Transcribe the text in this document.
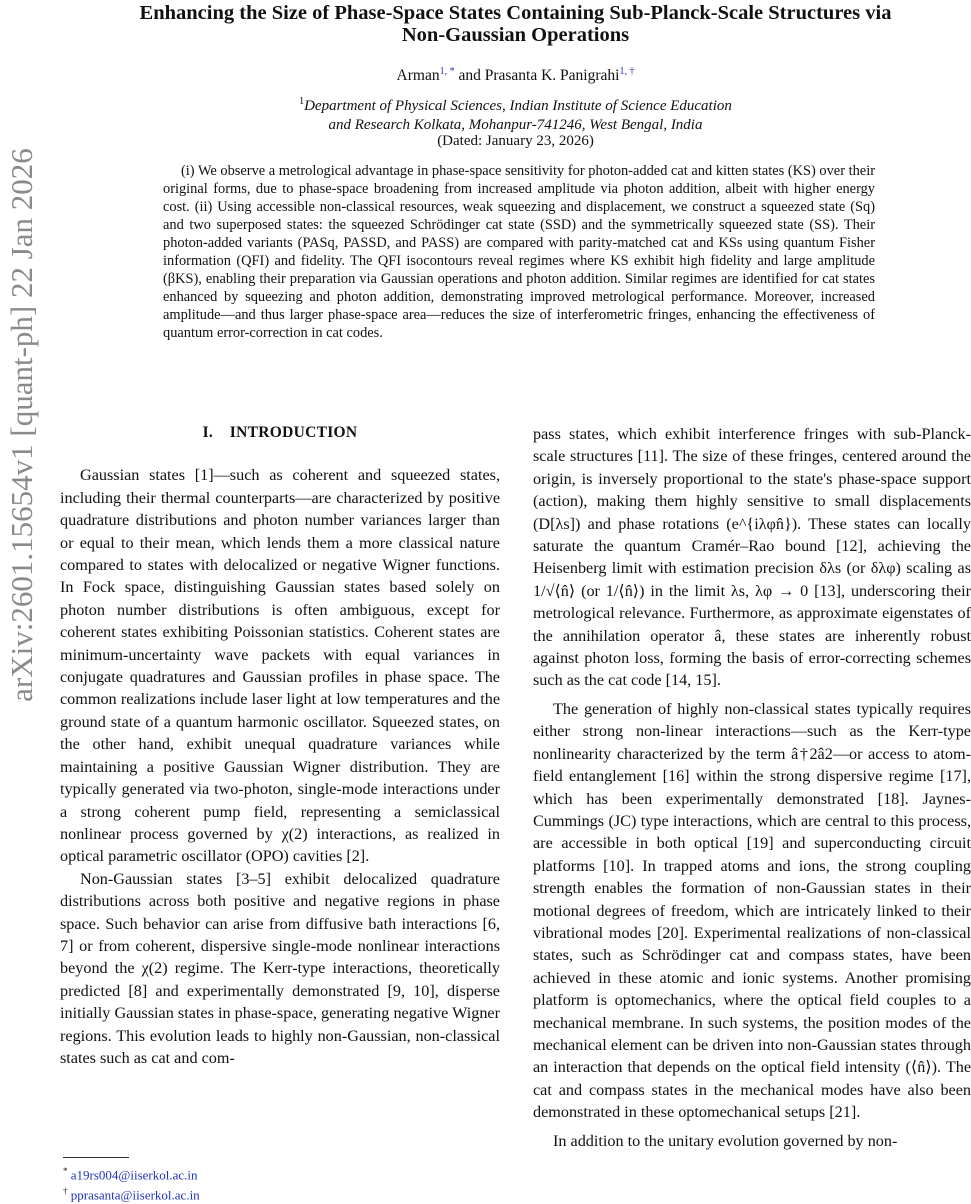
arXiv:2601.15654v1 [quant-ph] 22 Jan 2026
Enhancing the Size of Phase-Space States Containing Sub-Planck-Scale Structures via
Non-Gaussian Operations
Arman$^{1, *}$ and Prasanta K. Panigrahi$^{1, \dagger}$
$^1$Department of Physical Sciences, Indian Institute of Science Education
and Research Kolkata, Mohanpur-741246, West Bengal, India
(Dated: January 23, 2026)

(i) We observe a metrological advantage in phase-space sensitivity for photon-added cat and kitten states (KS) over their original forms, due to phase-space broadening from increased amplitude via photon addition, albeit with higher energy cost. (ii) Using accessible non-classical resources, weak squeezing and displacement, we construct a squeezed state (Sq) and two superposed states: the squeezed Schrödinger cat state (SSD) and the symmetrically squeezed state (SS). Their photon-added variants (PASq, PASSD, and PASS) are compared with parity-matched cat and KSs using quantum Fisher information (QFI) and fidelity. The QFI isocontours reveal regimes where KS exhibit high fidelity and large amplitude (βKS), enabling their preparation via Gaussian operations and photon addition. Similar regimes are identified for cat states enhanced by squeezing and photon addition, demonstrating improved metrological performance. Moreover, increased amplitude—and thus larger phase-space area—reduces the size of interferometric fringes, enhancing the effectiveness of quantum error-correction in cat codes.

I. INTRODUCTION

Gaussian states [1]—such as coherent and squeezed states, including their thermal counterparts—are characterized by positive quadrature distributions and photon number variances larger than or equal to their mean, which lends them a more classical nature compared to states with delocalized or negative Wigner functions. In Fock space, distinguishing Gaussian states based solely on photon number distributions is often ambiguous, except for coherent states exhibiting Poissonian statistics. Coherent states are minimum-uncertainty wave packets with equal variances in conjugate quadratures and Gaussian profiles in phase space. The common realizations include laser light at low temperatures and the ground state of a quantum harmonic oscillator. Squeezed states, on the other hand, exhibit unequal quadrature variances while maintaining a positive Gaussian Wigner distribution. They are typically generated via two-photon, single-mode interactions under a strong coherent pump field, representing a semiclassical nonlinear process governed by χ(2) interactions, as realized in optical parametric oscillator (OPO) cavities [2].

Non-Gaussian states [3–5] exhibit delocalized quadrature distributions across both positive and negative regions in phase space. Such behavior can arise from diffusive bath interactions [6, 7] or from coherent, dispersive single-mode nonlinear interactions beyond the χ(2) regime. The Kerr-type interactions, theoretically predicted [8] and experimentally demonstrated [9, 10], disperse initially Gaussian states in phase-space, generating negative Wigner regions. This evolution leads to highly non-Gaussian, non-classical states such as cat and com-

pass states, which exhibit interference fringes with sub-Planck-scale structures [11]. The size of these fringes, centered around the origin, is inversely proportional to the state's phase-space support (action), making them highly sensitive to small displacements (D[λs]) and phase rotations (e^{iλφn̂}). These states can locally saturate the quantum Cramér–Rao bound [12], achieving the Heisenberg limit with estimation precision δλs (or δλφ) scaling as 1/√⟨n̂⟩ (or 1/⟨n̂⟩) in the limit λs, λφ → 0 [13], underscoring their metrological relevance. Furthermore, as approximate eigenstates of the annihilation operator â, these states are inherently robust against photon loss, forming the basis of error-correcting schemes such as the cat code [14, 15].

The generation of highly non-classical states typically requires either strong non-linear interactions—such as the Kerr-type nonlinearity characterized by the term â†2â2—or access to atom-field entanglement [16] within the strong dispersive regime [17], which has been experimentally demonstrated [18]. Jaynes-Cummings (JC) type interactions, which are central to this process, are accessible in both optical [19] and superconducting circuit platforms [10]. In trapped atoms and ions, the strong coupling strength enables the formation of non-Gaussian states in their motional degrees of freedom, which are intricately linked to their vibrational modes [20]. Experimental realizations of non-classical states, such as Schrödinger cat and compass states, have been achieved in these atomic and ionic systems. Another promising platform is optomechanics, where the optical field couples to a mechanical membrane. In such systems, the position modes of the mechanical element can be driven into non-Gaussian states through an interaction that depends on the optical field intensity (⟨n̂⟩). The cat and compass states in the mechanical modes have also been demonstrated in these optomechanical setups [21].

In addition to the unitary evolution governed by non-

* a19rs004@iiserkol.ac.in
† pprasanta@iiserkol.ac.in
